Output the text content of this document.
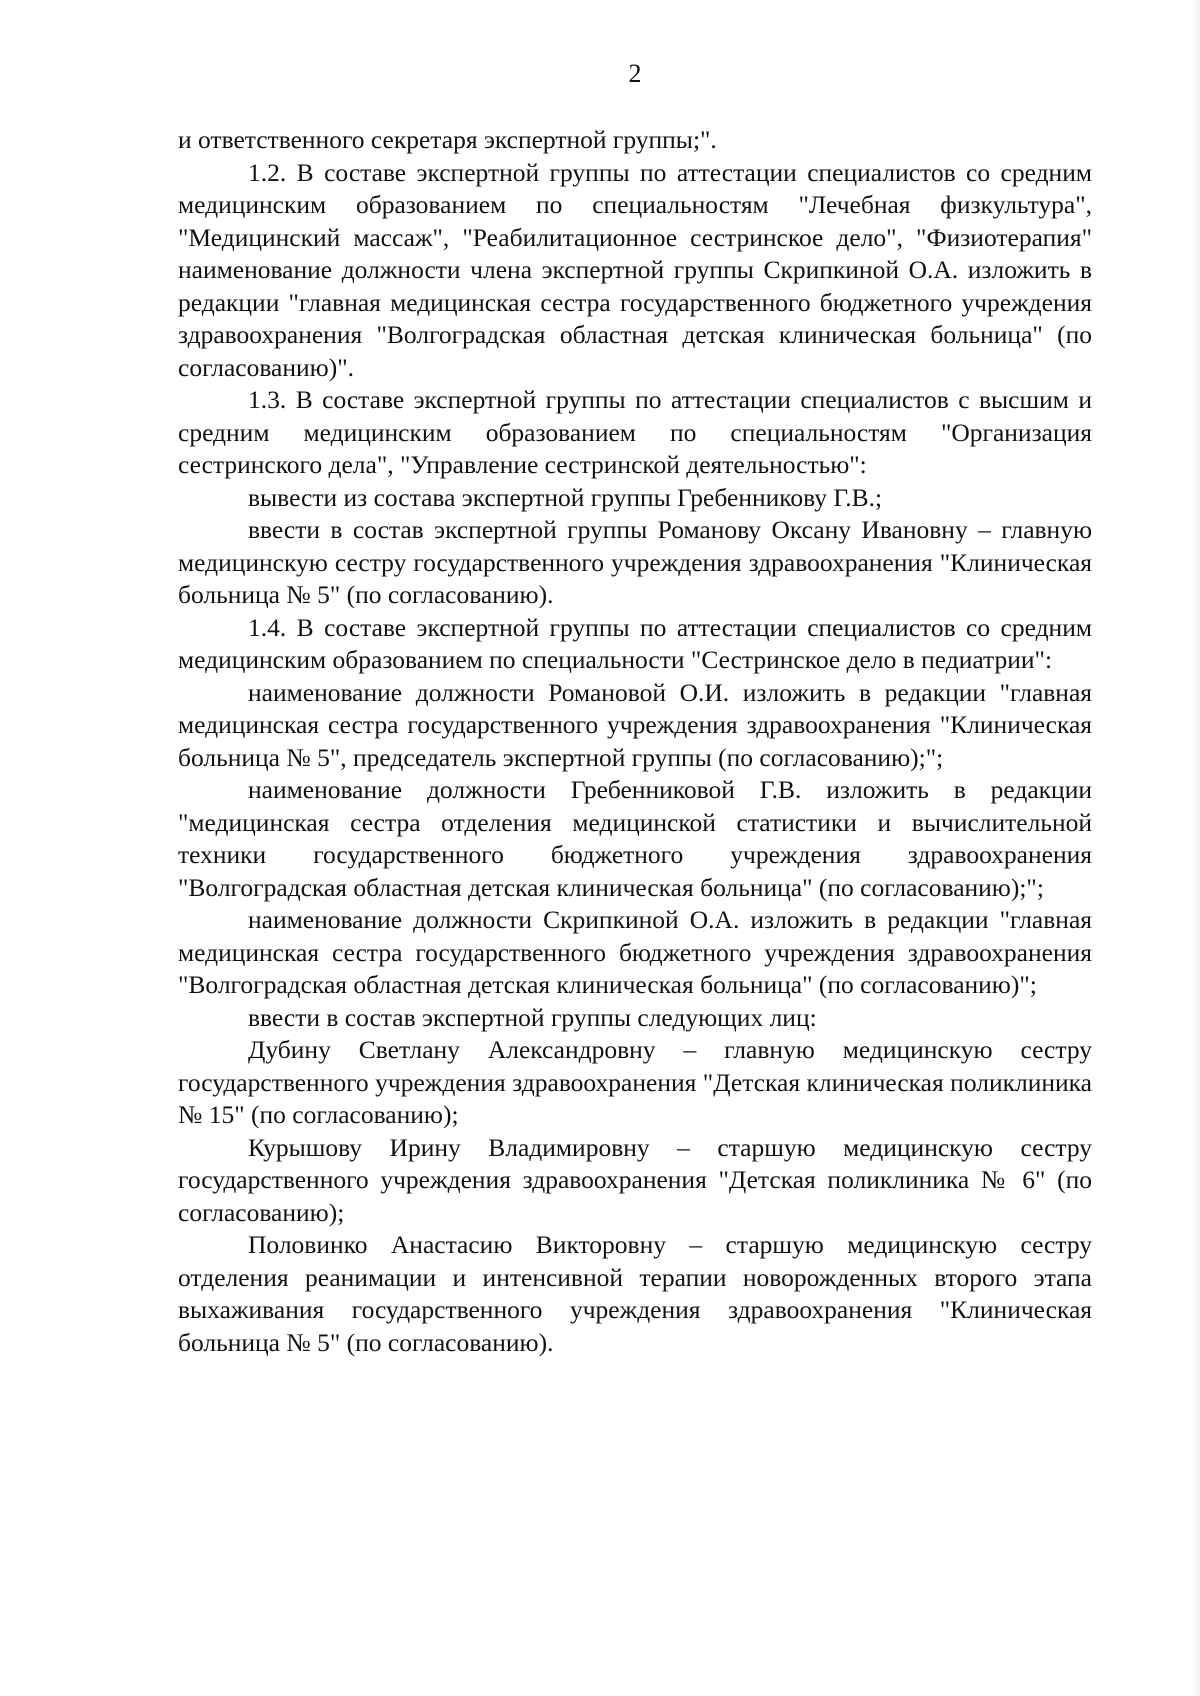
2

и ответственного секретаря экспертной группы;".

1.2. В составе экспертной группы по аттестации специалистов со средним медицинским образованием по специальностям "Лечебная физкультура", "Медицинский массаж", "Реабилитационное сестринское дело", "Физиотерапия" наименование должности члена экспертной группы Скрипкиной О.А. изложить в редакции "главная медицинская сестра государственного бюджетного учреждения здравоохранения "Волгоградская областная детская клиническая больница" (по согласованию)".

1.3. В составе экспертной группы по аттестации специалистов с высшим и средним медицинским образованием по специальностям "Организация сестринского дела", "Управление сестринской деятельностью":

вывести из состава экспертной группы Гребенникову Г.В.;

ввести в состав экспертной группы Романову Оксану Ивановну – главную медицинскую сестру государственного учреждения здравоохранения "Клиническая больница № 5" (по согласованию).

1.4. В составе экспертной группы по аттестации специалистов со средним медицинским образованием по специальности "Сестринское дело в педиатрии":

наименование должности Романовой О.И. изложить в редакции "главная медицинская сестра государственного учреждения здравоохранения "Клиническая больница № 5", председатель экспертной группы (по согласованию);";

наименование должности Гребенниковой Г.В. изложить в редакции "медицинская сестра отделения медицинской статистики и вычислительной техники государственного бюджетного учреждения здравоохранения "Волгоградская областная детская клиническая больница" (по согласованию);";

наименование должности Скрипкиной О.А. изложить в редакции "главная медицинская сестра государственного бюджетного учреждения здравоохранения "Волгоградская областная детская клиническая больница" (по согласованию)";

ввести в состав экспертной группы следующих лиц:

Дубину Светлану Александровну – главную медицинскую сестру государственного учреждения здравоохранения "Детская клиническая поликлиника № 15" (по согласованию);

Курышову Ирину Владимировну – старшую медицинскую сестру государственного учреждения здравоохранения "Детская поликлиника № 6" (по согласованию);

Половинко Анастасию Викторовну – старшую медицинскую сестру отделения реанимации и интенсивной терапии новорожденных второго этапа выхаживания государственного учреждения здравоохранения "Клиническая больница № 5" (по согласованию).
